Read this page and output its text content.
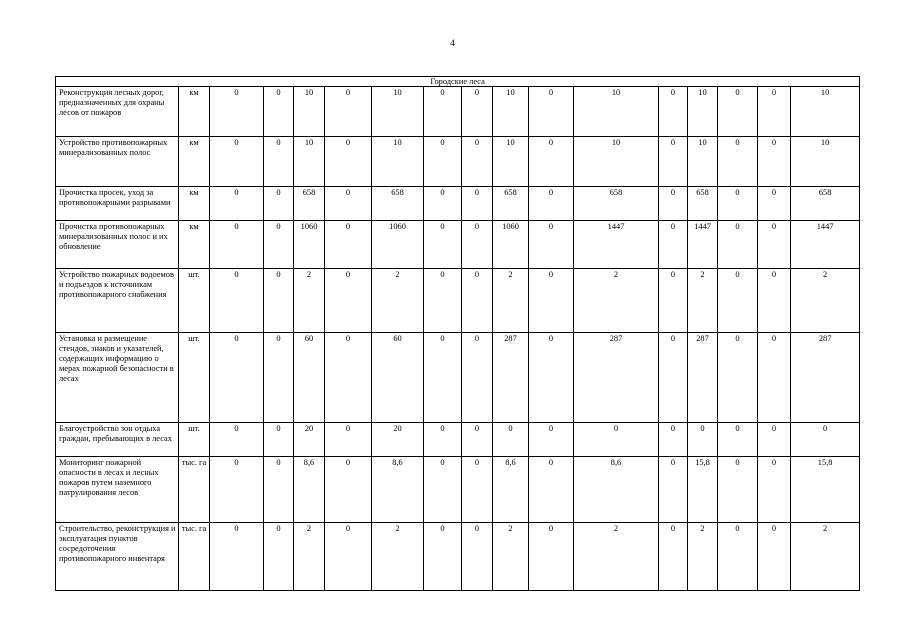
4
Городские леса																
Реконструкция лесных дорог, предназначенных для охраны лесов от пожаров	км	0	0	10	0	10	0	0	10	0	10	0	10	0	0	10
Устройство противопожарных минерализованных полос	км	0	0	10	0	10	0	0	10	0	10	0	10	0	0	10
Прочистка просек, уход за противопожарными разрывами	км	0	0	658	0	658	0	0	658	0	658	0	658	0	0	658
Прочистка противопожарных минерализованных полос и их обновление	км	0	0	1060	0	1060	0	0	1060	0	1447	0	1447	0	0	1447
Устройство пожарных водоемов и подъездов к источникам противопожарного снабжения	шт.	0	0	2	0	2	0	0	2	0	2	0	2	0	0	2
Установка и размещение стендов, знаков и указателей, содержащих информацию о мерах пожарной безопасности в лесах	шт.	0	0	60	0	60	0	0	287	0	287	0	287	0	0	287
Благоустройство зон отдыха граждан, пребывающих в лесах	шт.	0	0	20	0	20	0	0	0	0	0	0	0	0	0	0
Мониторинг пожарной опасности в лесах и лесных пожаров путем наземного патрулирования лесов	тыс. га	0	0	8,6	0	8,6	0	0	8,6	0	8,6	0	15,8	0	0	15,8
Строительство, реконструкция и эксплуатация пунктов сосредоточения противопожарного инвентаря	тыс. га	0	0	2	0	2	0	0	2	0	2	0	2	0	0	2
